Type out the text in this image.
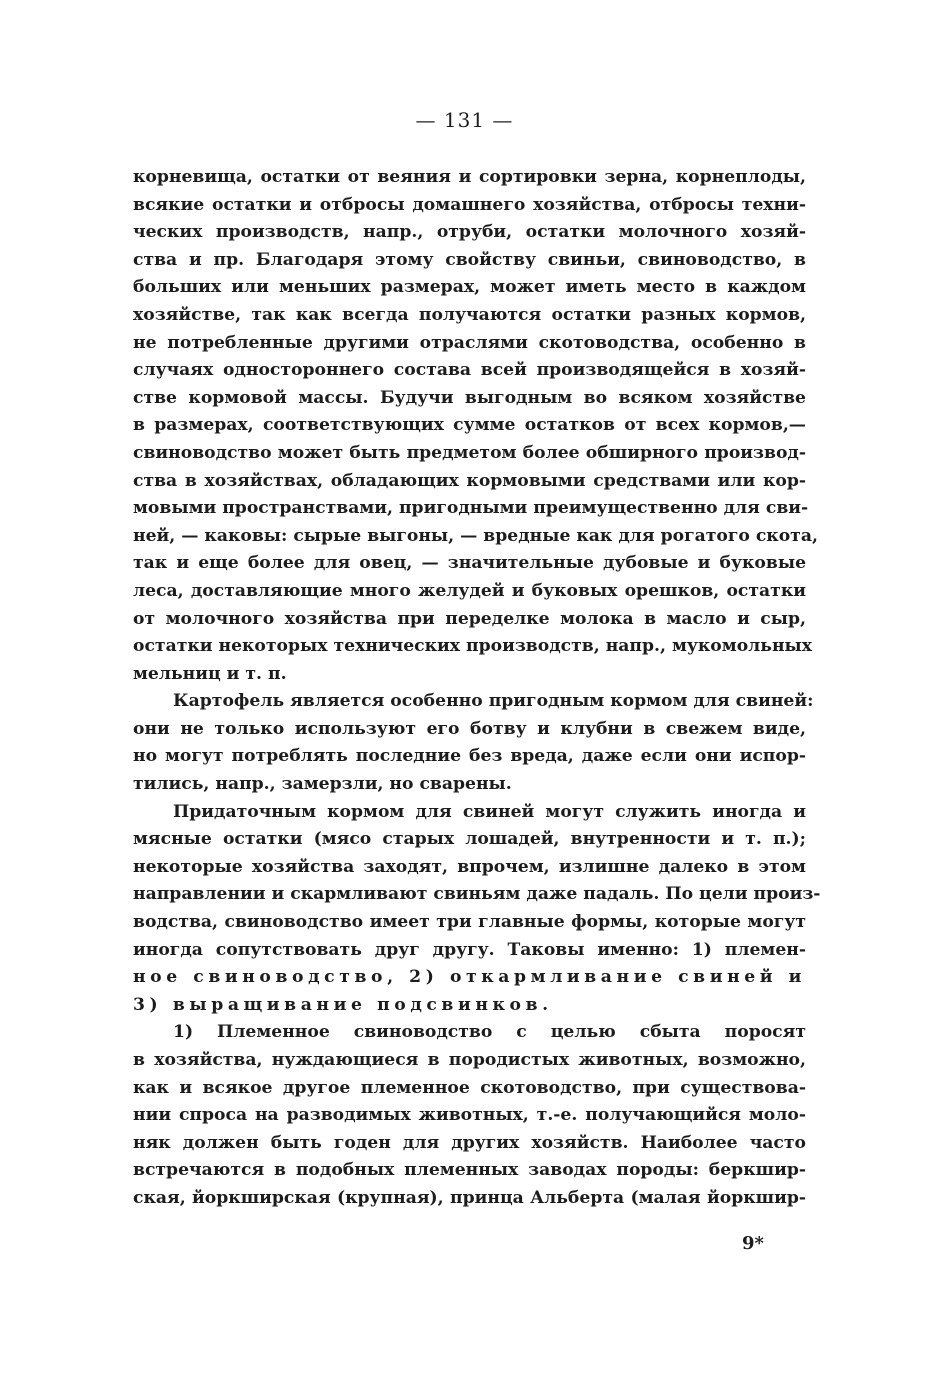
— 131 —
корневища, остатки от веяния и сортировки зерна, корнеплоды,
всякие остатки и отбросы домашнего хозяйства, отбросы техни-
ческих производств, напр., отруби, остатки молочного хозяй-
ства и пр. Благодаря этому свойству свиньи, свиноводство, в
больших или меньших размерах, может иметь место в каждом
хозяйстве, так как всегда получаются остатки разных кормов,
не потребленные другими отраслями скотоводства, особенно в
случаях одностороннего состава всей производящейся в хозяй-
стве кормовой массы. Будучи выгодным во всяком хозяйстве
в размерах, соответствующих сумме остатков от всех кормов,—
свиноводство может быть предметом более обширного производ-
ства в хозяйствах, обладающих кормовыми средствами или кор-
мовыми пространствами, пригодными преимущественно для сви-
ней, — каковы: сырые выгоны, — вредные как для рогатого скота,
так и еще более для овец, — значительные дубовые и буковые
леса, доставляющие много желудей и буковых орешков, остатки
от молочного хозяйства при переделке молока в масло и сыр,
остатки некоторых технических производств, напр., мукомольных
мельниц и т. п.
Картофель является особенно пригодным кормом для свиней:
они не только используют его ботву и клубни в свежем виде,
но могут потреблять последние без вреда, даже если они испор-
тились, напр., замерзли, но сварены.
Придаточным кормом для свиней могут служить иногда и
мясные остатки (мясо старых лошадей, внутренности и т. п.);
некоторые хозяйства заходят, впрочем, излишне далеко в этом
направлении и скармливают свиньям даже падаль. По цели произ-
водства, свиноводство имеет три главные формы, которые могут
иногда сопутствовать друг другу. Таковы именно: 1) племен-
ное свиноводство, 2) откармливание свиней и
3) выращивание подсвинков.
1) Племенное свиноводство с целью сбыта поросят
в хозяйства, нуждающиеся в породистых животных, возможно,
как и всякое другое племенное скотоводство, при существова-
нии спроса на разводимых животных, т.-е. получающийся моло-
няк должен быть годен для других хозяйств. Наиболее часто
встречаются в подобных племенных заводах породы: беркшир-
ская, йоркширская (крупная), принца Альберта (малая йоркшир-
9*
